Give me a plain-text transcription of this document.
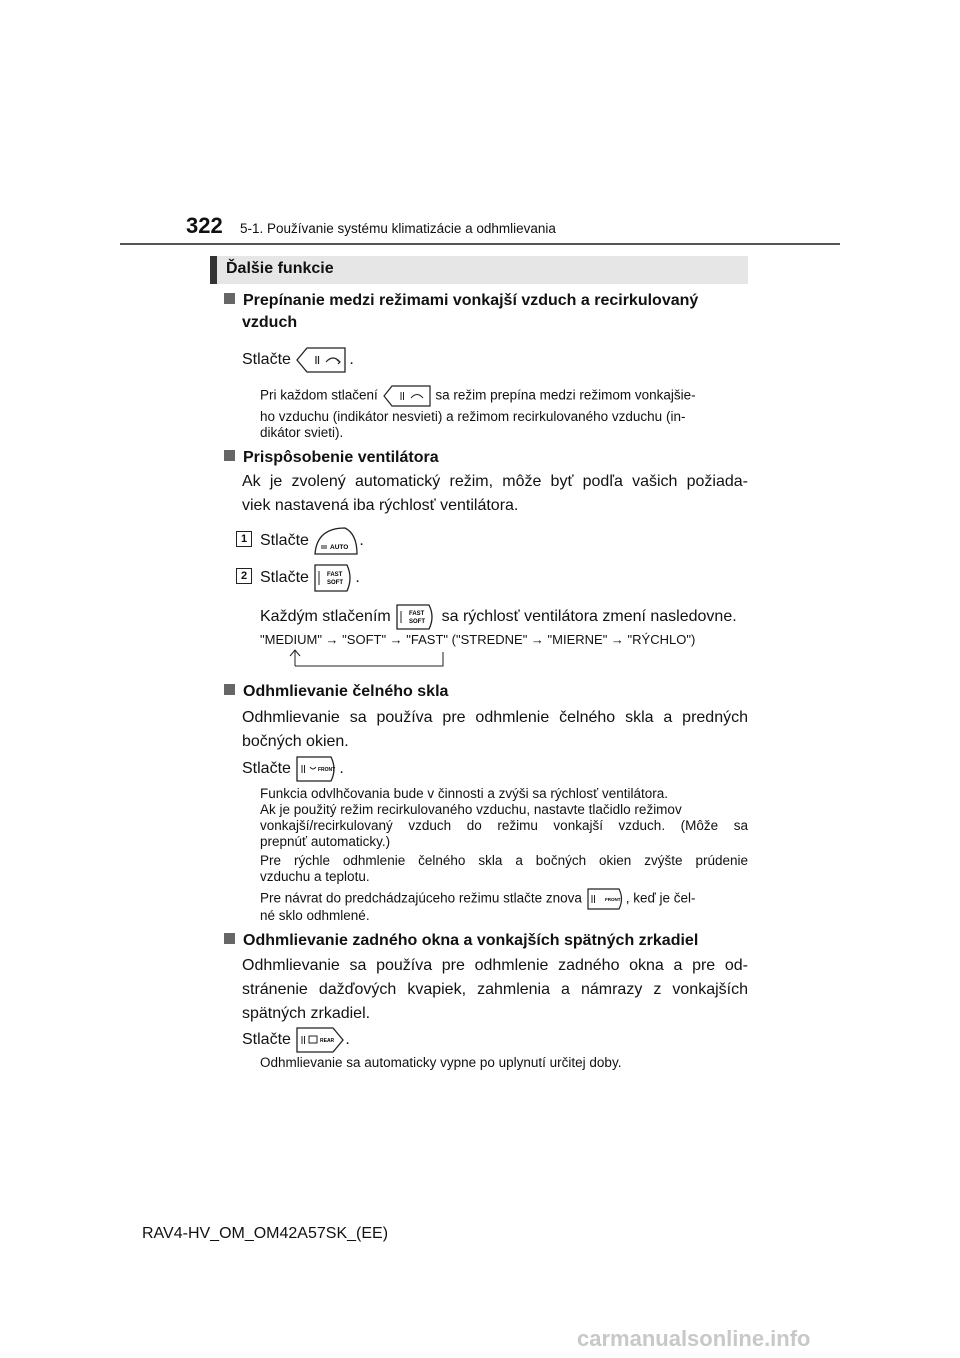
322 5-1. Používanie systému klimatizácie a odhmlievania
Ďalšie funkcie
Prepínanie medzi režimami vonkajší vzduch a recirkulovaný
vzduch
Stlačte	.
Pri každom stlačení	sa režim prepína medzi režimom vonkajšie-
ho vzduchu (indikátor nesvieti) a režimom recirkulovaného vzduchu (in-
dikátor svieti).
Prispôsobenie ventilátora
Ak je zvolený automatický režim, môže byť podľa vašich požiada-
viek nastavená iba rýchlosť ventilátora.
1 Stlačte	AUTO .
2 Stlačte	FAST
SOFT .
Každým stlačením	FAST
SOFT sa rýchlosť ventilátora zmení nasledovne.
"MEDIUM" → "SOFT" → "FAST" ("STREDNE" → "MIERNE" → "RÝCHLO")
Odhmlievanie čelného skla
Odhmlievanie sa používa pre odhmlenie čelného skla a predných
bočných okien.
Stlačte	FRONT .
Funkcia odvlhčovania bude v činnosti a zvýši sa rýchlosť ventilátora.
Ak je použitý režim recirkulovaného vzduchu, nastavte tlačidlo režimov
vonkajší/recirkulovaný vzduch do režimu vonkajší vzduch. (Môže sa
prepnúť automaticky.)
Pre rýchle odhmlenie čelného skla a bočných okien zvýšte prúdenie
vzduchu a teplotu.
Pre návrat do predchádzajúceho režimu stlačte znova	FRONT , keď je čel-
né sklo odhmlené.
Odhmlievanie zadného okna a vonkajších spätných zrkadiel
Odhmlievanie sa používa pre odhmlenie zadného okna a pre od-
stránenie dažďových kvapiek, zahmlenia a námrazy z vonkajších
spätných zrkadiel.
Stlačte	REAR .
Odhmlievanie sa automaticky vypne po uplynutí určitej doby.
RAV4-HV_OM_OM42A57SK_(EE)
carmanualsonline.info
